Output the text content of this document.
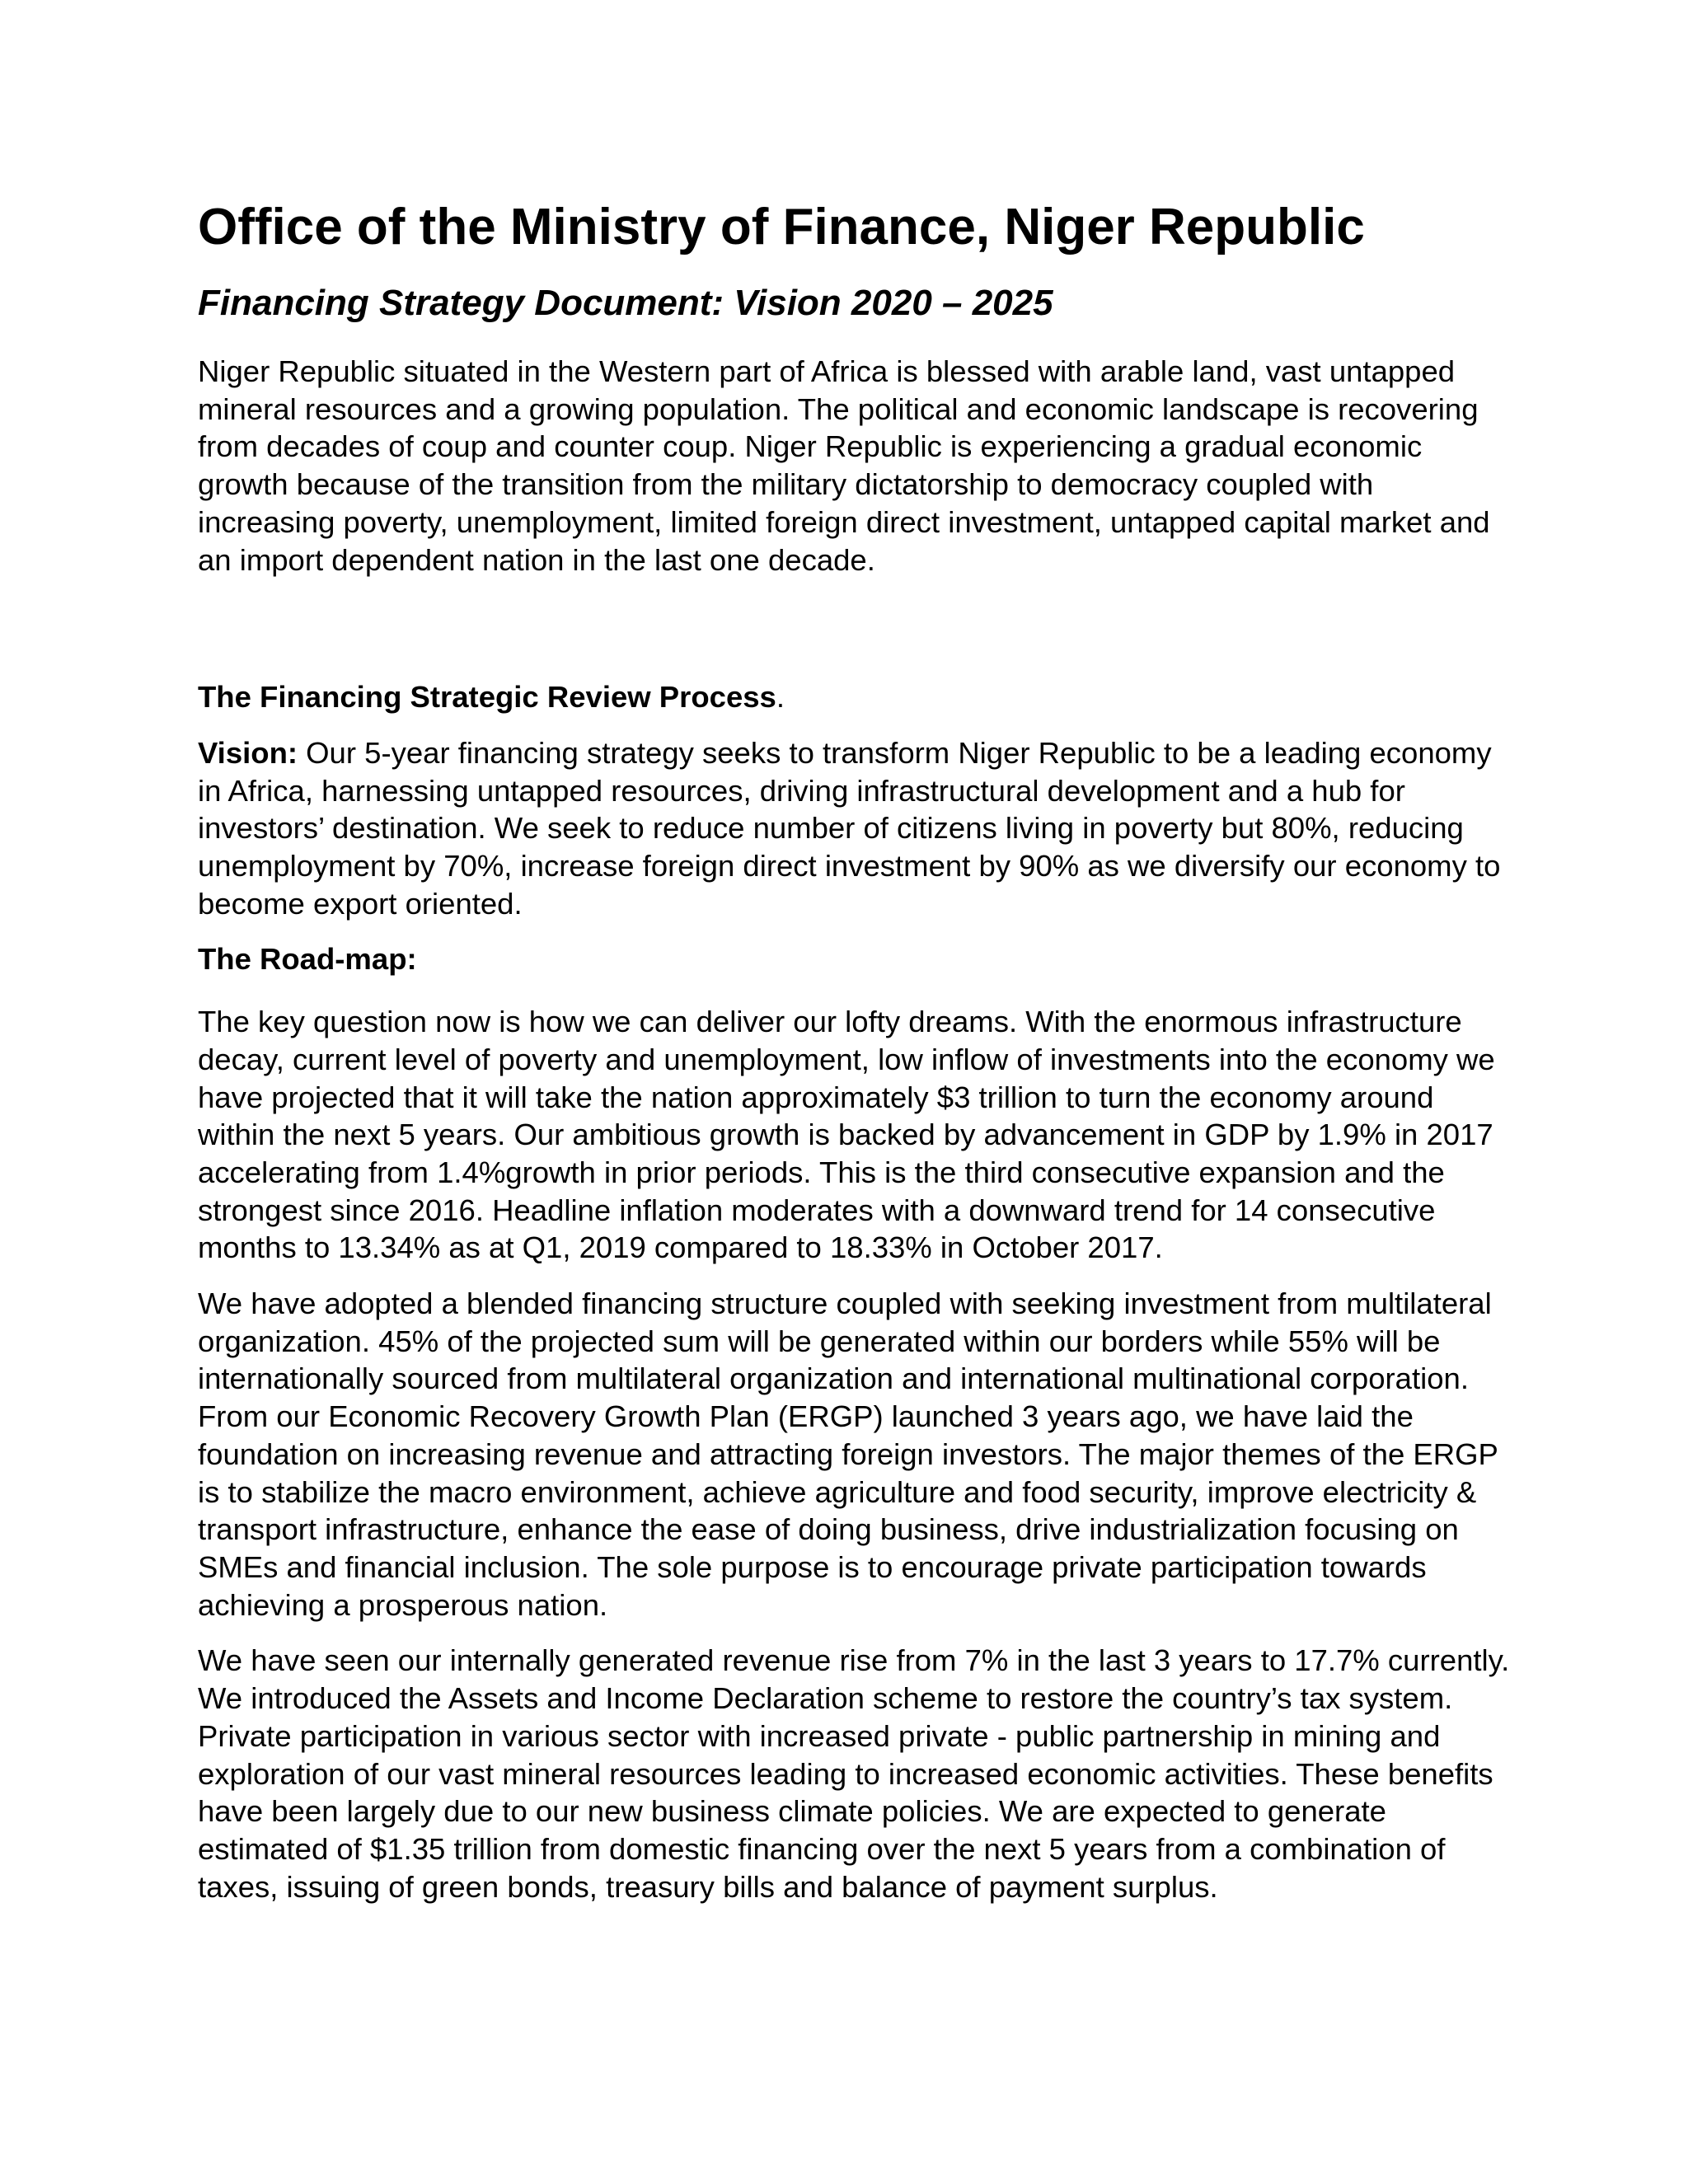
Office of the Ministry of Finance, Niger Republic
Financing Strategy Document: Vision 2020 – 2025

Niger Republic situated in the Western part of Africa is blessed with arable land, vast untapped mineral resources and a growing population. The political and economic landscape is recovering from decades of coup and counter coup. Niger Republic is experiencing a gradual economic growth because of the transition from the military dictatorship to democracy coupled with increasing poverty, unemployment, limited foreign direct investment, untapped capital market and an import dependent nation in the last one decade.

The Financing Strategic Review Process.

Vision: Our 5-year financing strategy seeks to transform Niger Republic to be a leading economy in Africa, harnessing untapped resources, driving infrastructural development and a hub for investors’ destination. We seek to reduce number of citizens living in poverty but 80%, reducing unemployment by 70%, increase foreign direct investment by 90% as we diversify our economy to become export oriented.

The Road-map:

The key question now is how we can deliver our lofty dreams. With the enormous infrastructure decay, current level of poverty and unemployment, low inflow of investments into the economy we have projected that it will take the nation approximately $3 trillion to turn the economy around within the next 5 years. Our ambitious growth is backed by advancement in GDP by 1.9% in 2017 accelerating from 1.4%growth in prior periods. This is the third consecutive expansion and the strongest since 2016. Headline inflation moderates with a downward trend for 14 consecutive months to 13.34% as at Q1, 2019 compared to 18.33% in October 2017.

We have adopted a blended financing structure coupled with seeking investment from multilateral organization. 45% of the projected sum will be generated within our borders while 55% will be internationally sourced from multilateral organization and international multinational corporation. From our Economic Recovery Growth Plan (ERGP) launched 3 years ago, we have laid the foundation on increasing revenue and attracting foreign investors. The major themes of the ERGP is to stabilize the macro environment, achieve agriculture and food security, improve electricity & transport infrastructure, enhance the ease of doing business, drive industrialization focusing on SMEs and financial inclusion. The sole purpose is to encourage private participation towards achieving a prosperous nation.

We have seen our internally generated revenue rise from 7% in the last 3 years to 17.7% currently. We introduced the Assets and Income Declaration scheme to restore the country’s tax system. Private participation in various sector with increased private - public partnership in mining and exploration of our vast mineral resources leading to increased economic activities. These benefits have been largely due to our new business climate policies. We are expected to generate estimated of $1.35 trillion from domestic financing over the next 5 years from a combination of taxes, issuing of green bonds, treasury bills and balance of payment surplus.
